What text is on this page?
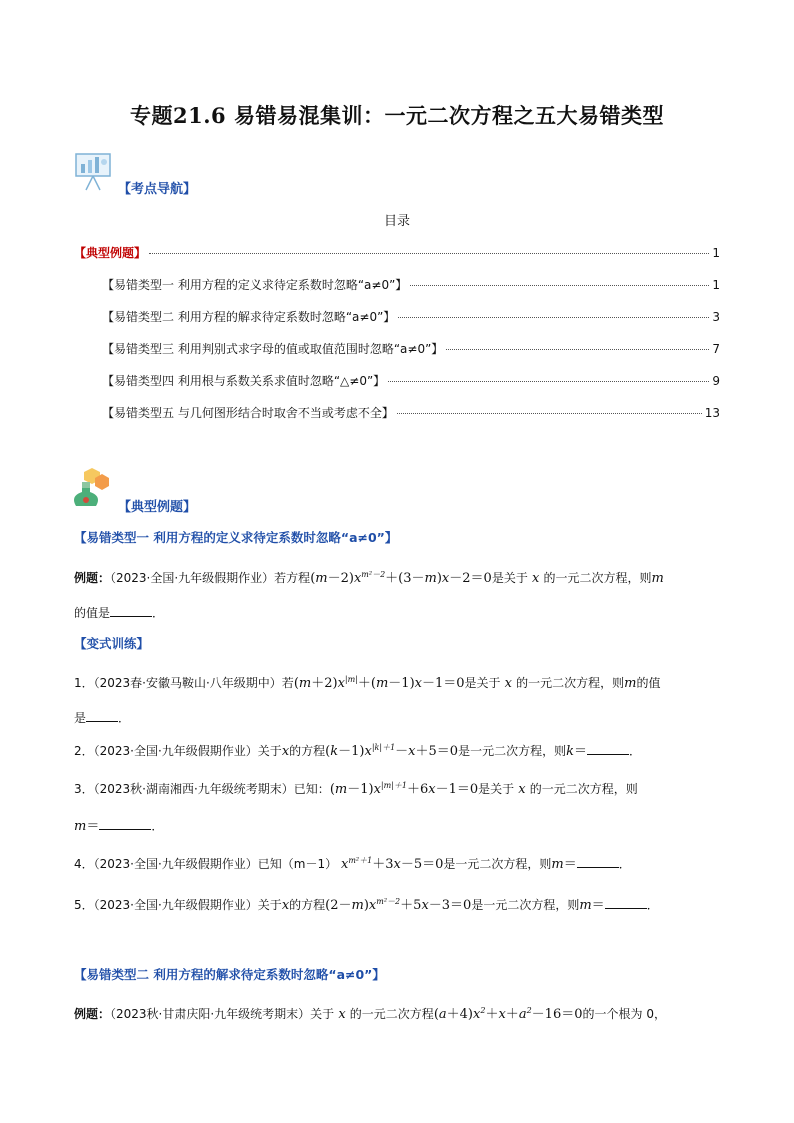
专题21.6 易错易混集训：一元二次方程之五大易错类型
【考点导航】
目录
【典型例题】	1
【易错类型一 利用方程的定义求待定系数时忽略“a≠0”】	1
【易错类型二 利用方程的解求待定系数时忽略“a≠0”】	3
【易错类型三 利用判别式求字母的值或取值范围时忽略“a≠0”】	7
【易错类型四 利用根与系数关系求值时忽略“△≠0”】	9
【易错类型五 与几何图形结合时取舍不当或考虑不全】	13
【典型例题】
【易错类型一 利用方程的定义求待定系数时忽略“a≠0”】
例题：（2023·全国·九年级假期作业）若方程$(m-2)x^{m^2-2}+(3-m)x-2=0$是关于 x 的一元二次方程，则m
的值是	．
【变式训练】
1．（2023春·安徽马鞍山·八年级期中）若$(m+2)x^{|m|}+(m-1)x-1=0$是关于 x 的一元二次方程，则m的值
是	．
2．（2023·全国·九年级假期作业）关于x的方程$(k-1)x^{|k|+1}-x+5=0$是一元二次方程，则k＝	．
3．（2023秋·湖南湘西·九年级统考期末）已知：$(m-1)x^{|m|+1}+6x-1=0$是关于 x 的一元二次方程，则
m＝	．
4．（2023·全国·九年级假期作业）已知（m－1） $x^{m^2+1}+3x-5=0$是一元二次方程，则m＝	．
5．（2023·全国·九年级假期作业）关于x的方程$(2-m)x^{m^2-2}+5x-3=0$是一元二次方程，则m＝	．
【易错类型二 利用方程的解求待定系数时忽略“a≠0”】
例题：（2023秋·甘肃庆阳·九年级统考期末）关于 x 的一元二次方程$(a+4)x^2+x+a^2-16=0$的一个根为 0，
